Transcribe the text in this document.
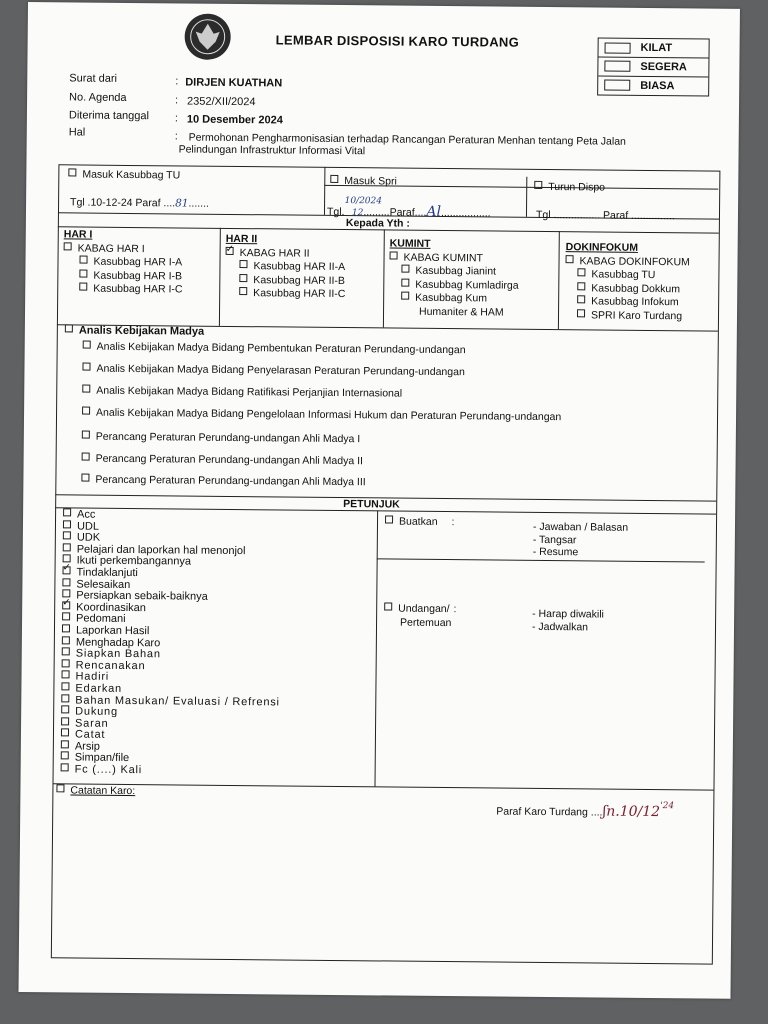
LEMBAR DISPOSISI KARO TURDANG	KILAT
SEGERA
BIASA
Surat dari	: DIRJEN KUATHAN
No. Agenda	: 2352/XII/2024
Diterima tanggal : 10 Desember 2024
Hal	: Permohonan Pengharmonisasian terhadap Rancangan Peraturan Menhan tentang Peta Jalan
Pelindungan Infrastruktur Informasi Vital
Masuk Kasubbag TU	Masuk Spri	Turun Dispo
Tgl .10-12-24 Paraf ....81.......
Tgl.10/202412.........Paraf....Al.................	Tgl ................ Paraf ...............
Kepada Yth :
HAR I
KABAG HAR I
Kasubbag HAR I-A
Kasubbag HAR I-B
Kasubbag HAR I-C
HAR II
✓KABAG HAR II
Kasubbag HAR II-A
Kasubbag HAR II-B
Kasubbag HAR II-C
KUMINT
KABAG KUMINT
Kasubbag Jianint
Kasubbag Kumladirga
Kasubbag Kum
Humaniter & HAM
DOKINFOKUM
KABAG DOKINFOKUM
Kasubbag TU
Kasubbag Dokkum
Kasubbag Infokum
SPRI Karo Turdang
Analis Kebijakan Madya
Analis Kebijakan Madya Bidang Pembentukan Peraturan Perundang-undangan
Analis Kebijakan Madya Bidang Penyelarasan Peraturan Perundang-undangan
Analis Kebijakan Madya Bidang Ratifikasi Perjanjian Internasional
Analis Kebijakan Madya Bidang Pengelolaan Informasi Hukum dan Peraturan Perundang-undangan
Perancang Peraturan Perundang-undangan Ahli Madya I
Perancang Peraturan Perundang-undangan Ahli Madya II
Perancang Peraturan Perundang-undangan Ahli Madya III
PETUNJUK
Acc
UDL
UDK
Pelajari dan laporkan hal menonjol
Ikuti perkembangannya
✓Tindaklanjuti
Selesaikan
Persiapkan sebaik-baiknya
✓Koordinasikan
Pedomani
Laporkan Hasil
Menghadap Karo
Siapkan Bahan
Rencanakan
Hadiri
Edarkan
Bahan Masukan/ Evaluasi / Refrensi
Dukung
Saran
Catat
Arsip
Simpan/file
Fc (....) Kali
Buatkan :	- Jawaban / Balasan
- Tangsar
- Resume
Undangan/ :
Pertemuan
- Harap diwakili
- Jadwalkan
Catatan Karo:
Paraf Karo Turdang ....ʃn.10/12'24
